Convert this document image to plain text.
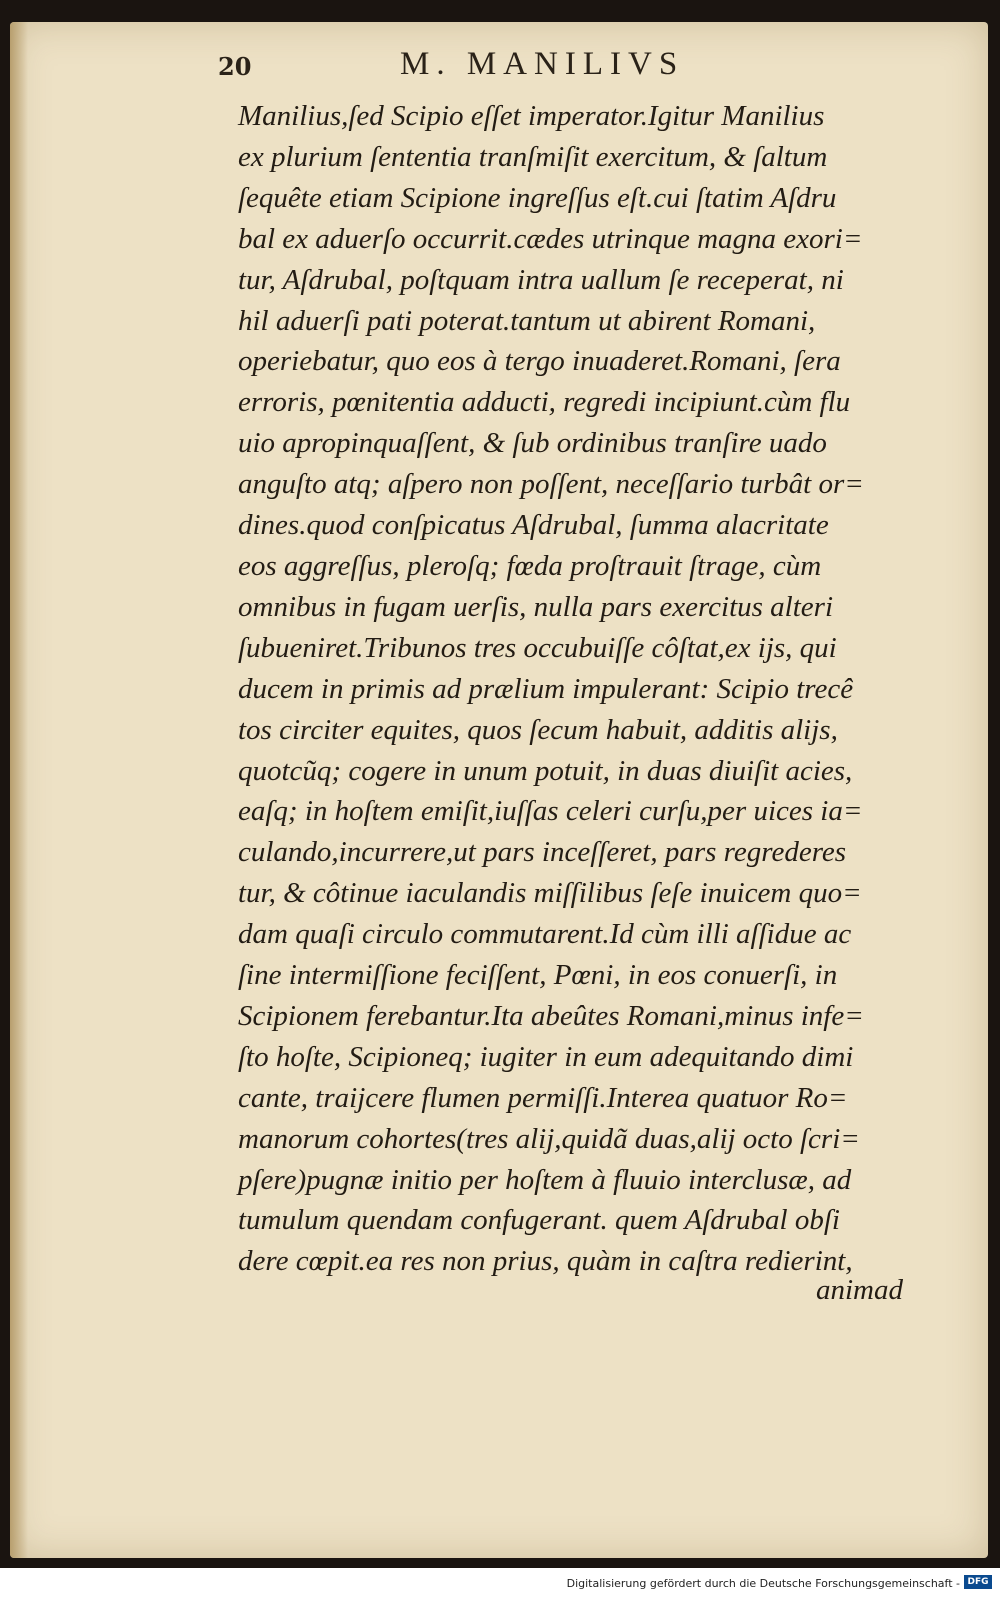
20	M. MANILIVS
Manilius,ſed Scipio eſſet imperator.Igitur Manilius
ex plurium ſententia tranſmiſit exercitum, & ſaltum
ſequête etiam Scipione ingreſſus eſt.cui ſtatim Aſdru
bal ex aduerſo occurrit.cædes utrinque magna exori=
tur, Aſdrubal, poſtquam intra uallum ſe receperat, ni
hil aduerſi pati poterat.tantum ut abirent Romani,
operiebatur, quo eos à tergo inuaderet.Romani, ſera
erroris, pœnitentia adducti, regredi incipiunt.cùm flu
uio apropinquaſſent, & ſub ordinibus tranſire uado
anguſto atq; aſpero non poſſent, neceſſario turbât or=
dines.quod conſpicatus Aſdrubal, ſumma alacritate
eos aggreſſus, pleroſq; fœda proſtrauit ſtrage, cùm
omnibus in fugam uerſis, nulla pars exercitus alteri
ſubueniret.Tribunos tres occubuiſſe côſtat,ex ijs, qui
ducem in primis ad prælium impulerant: Scipio trecê
tos circiter equites, quos ſecum habuit, additis alijs,
quotcũq; cogere in unum potuit, in duas diuiſit acies,
eaſq; in hoſtem emiſit,iuſſas celeri curſu,per uices ia=
culando,incurrere,ut pars inceſſeret, pars regrederes
tur, & côtinue iaculandis miſſilibus ſeſe inuicem quo=
dam quaſi circulo commutarent.Id cùm illi aſſidue ac
ſine intermiſſione feciſſent, Pœni, in eos conuerſi, in
Scipionem ferebantur.Ita abeûtes Romani,minus infe=
ſto hoſte, Scipioneq; iugiter in eum adequitando dimi
cante, traijcere flumen permiſſi.Interea quatuor Ro=
manorum cohortes(tres alij,quidã duas,alij octo ſcri=
pſere)pugnæ initio per hoſtem à fluuio interclusæ, ad
tumulum quendam confugerant. quem Aſdrubal obſi
dere cœpit.ea res non prius, quàm in caſtra redierint,
animad
Digitalisierung gefördert durch die Deutsche Forschungsgemeinschaft - DFG
